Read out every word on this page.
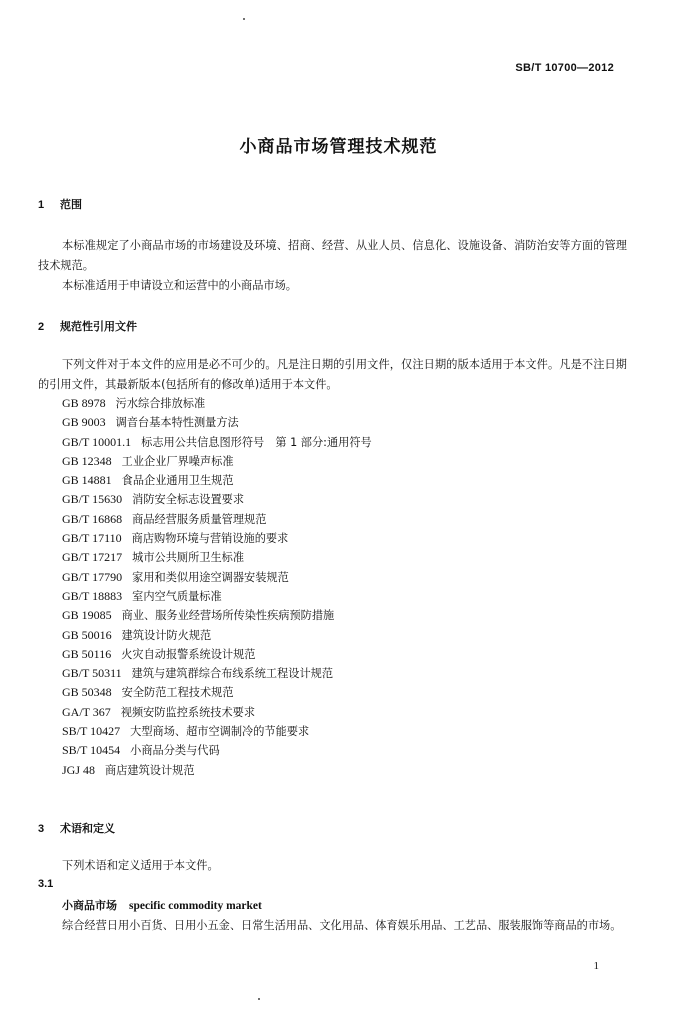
SB/T 10700—2012
小商品市场管理技术规范
1 范围
本标准规定了小商品市场的市场建设及环境、招商、经营、从业人员、信息化、设施设备、消防治安等方面的管理技术规范。
本标准适用于申请设立和运营中的小商品市场。
2 规范性引用文件
下列文件对于本文件的应用是必不可少的。凡是注日期的引用文件，仅注日期的版本适用于本文件。凡是不注日期的引用文件，其最新版本(包括所有的修改单)适用于本文件。
GB 8978 污水综合排放标准
GB 9003 调音台基本特性测量方法
GB/T 10001.1 标志用公共信息图形符号　第 1 部分:通用符号
GB 12348 工业企业厂界噪声标准
GB 14881 食品企业通用卫生规范
GB/T 15630 消防安全标志设置要求
GB/T 16868 商品经营服务质量管理规范
GB/T 17110 商店购物环境与营销设施的要求
GB/T 17217 城市公共厕所卫生标准
GB/T 17790 家用和类似用途空调器安装规范
GB/T 18883 室内空气质量标准
GB 19085 商业、服务业经营场所传染性疾病预防措施
GB 50016 建筑设计防火规范
GB 50116 火灾自动报警系统设计规范
GB/T 50311 建筑与建筑群综合布线系统工程设计规范
GB 50348 安全防范工程技术规范
GA/T 367 视频安防监控系统技术要求
SB/T 10427 大型商场、超市空调制冷的节能要求
SB/T 10454 小商品分类与代码
JGJ 48 商店建筑设计规范
3 术语和定义
下列术语和定义适用于本文件。
3.1
小商品市场 specific commodity market
综合经营日用小百货、日用小五金、日常生活用品、文化用品、体育娱乐用品、工艺品、服装服饰等商品的市场。
1
